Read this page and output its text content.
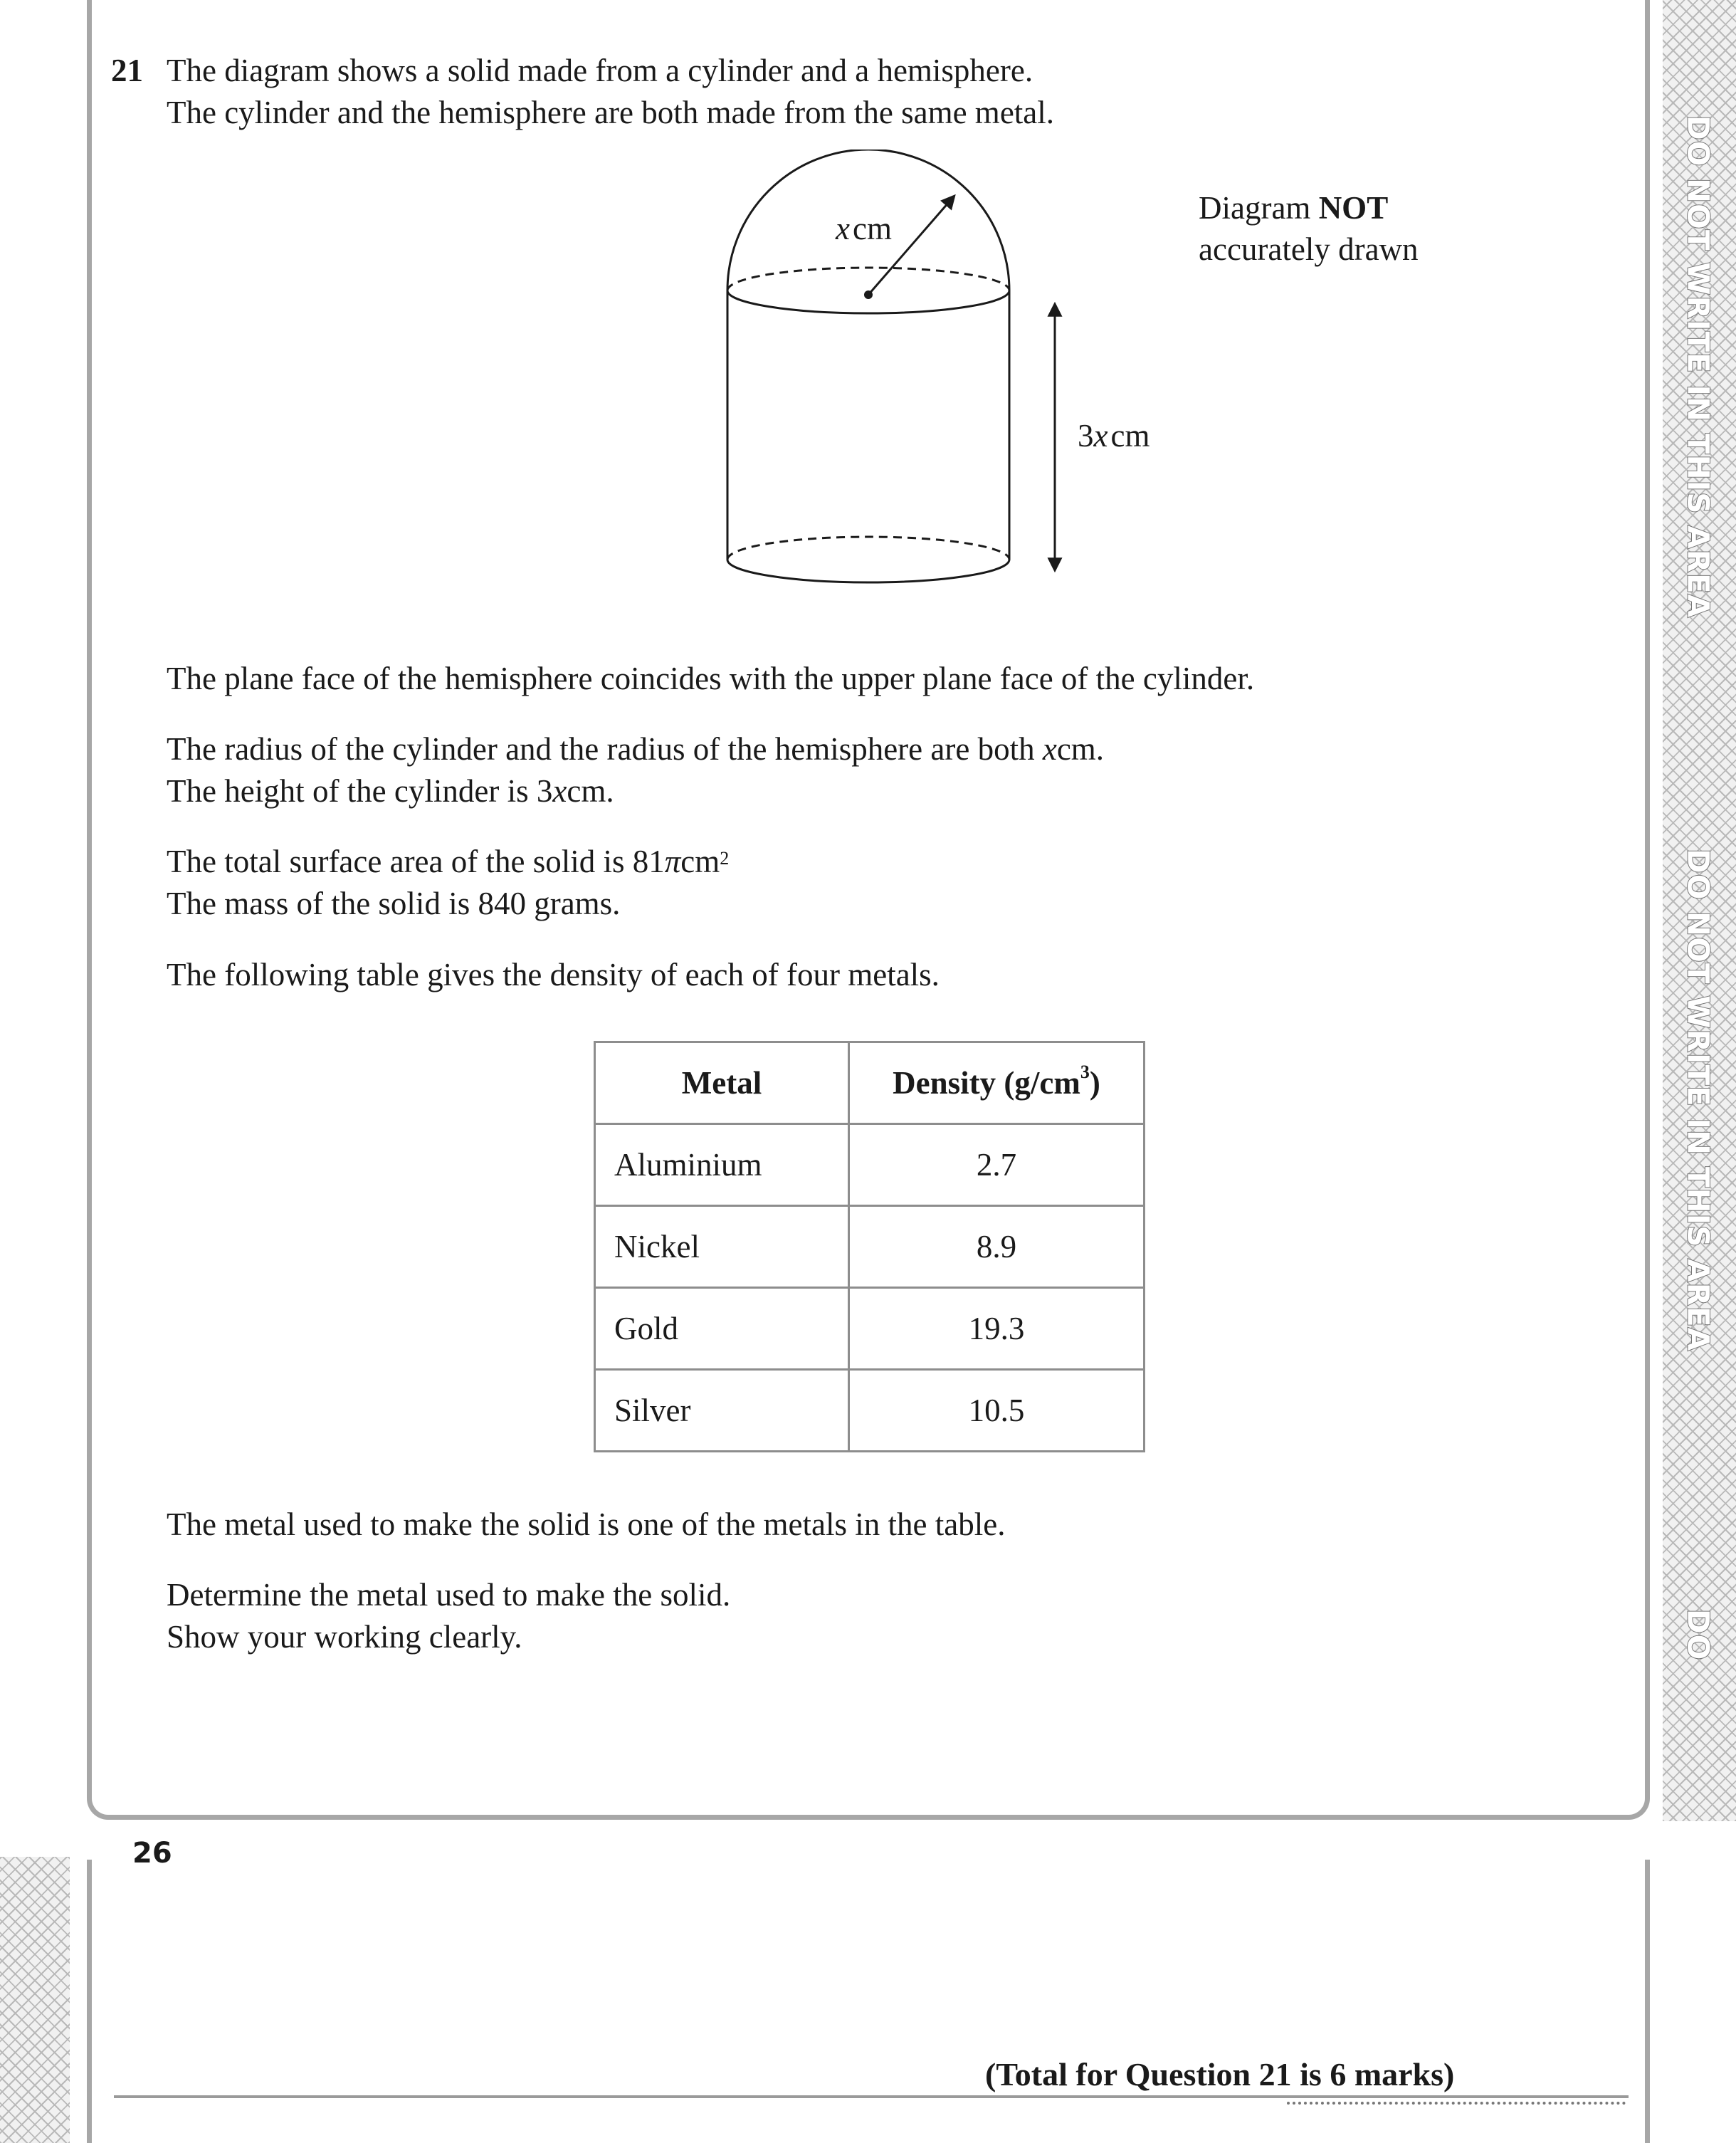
DO NOT WRITE IN THIS AREA
DO NOT WRITE IN THIS AREA
DO
21 The diagram shows a solid made from a cylinder and a hemisphere.
The cylinder and the hemisphere are both made from the same metal.
xcm
3xcm
Diagram NOT
accurately drawn
The plane face of the hemisphere coincides with the upper plane face of the cylinder.
The radius of the cylinder and the radius of the hemisphere are both xcm.
The height of the cylinder is 3xcm.
The total surface area of the solid is 81πcm$^2$
The mass of the solid is 840 grams.
The following table gives the density of each of four metals.
Metal	Density $(g/cm^3)$
Aluminium	2.7
Nickel	8.9
Gold	19.3
Silver	10.5
The metal used to make the solid is one of the metals in the table.
Determine the metal used to make the solid.
Show your working clearly.
26
(Total for Question 21 is 6 marks)
